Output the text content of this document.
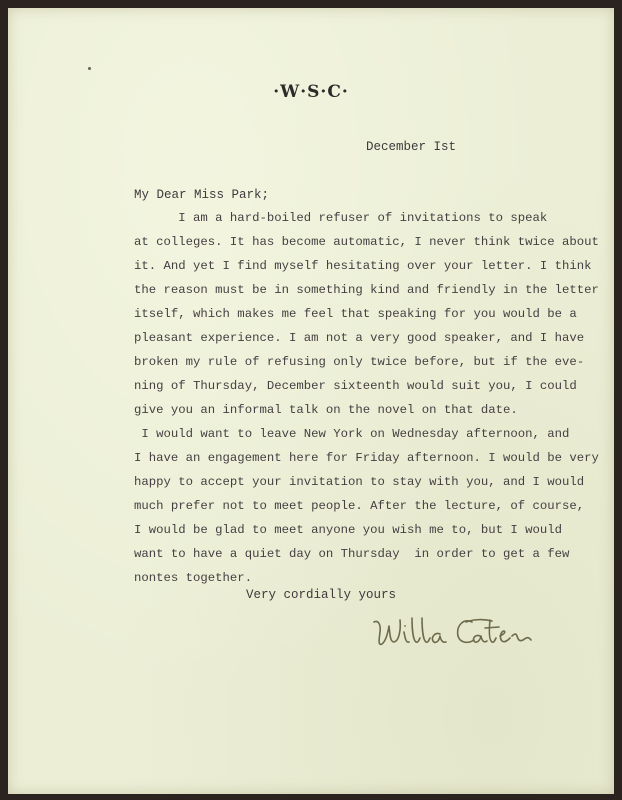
·W·S·C·
December Ist
My Dear Miss Park;
I am a hard-boiled refuser of invitations to speak
at colleges. It has become automatic, I never think twice about
it. And yet I find myself hesitating over your letter. I think
the reason must be in something kind and friendly in the letter
itself, which makes me feel that speaking for you would be a
pleasant experience. I am not a very good speaker, and I have
broken my rule of refusing only twice before, but if the eve-
ning of Thursday, December sixteenth would suit you, I could
give you an informal talk on the novel on that date.
I would want to leave New York on Wednesday afternoon, and
I have an engagement here for Friday afternoon. I would be very
happy to accept your invitation to stay with you, and I would
much prefer not to meet people. After the lecture, of course,
I would be glad to meet anyone you wish me to, but I would
want to have a quiet day on Thursday  in order to get a few
nontes together.
Very cordially yours
